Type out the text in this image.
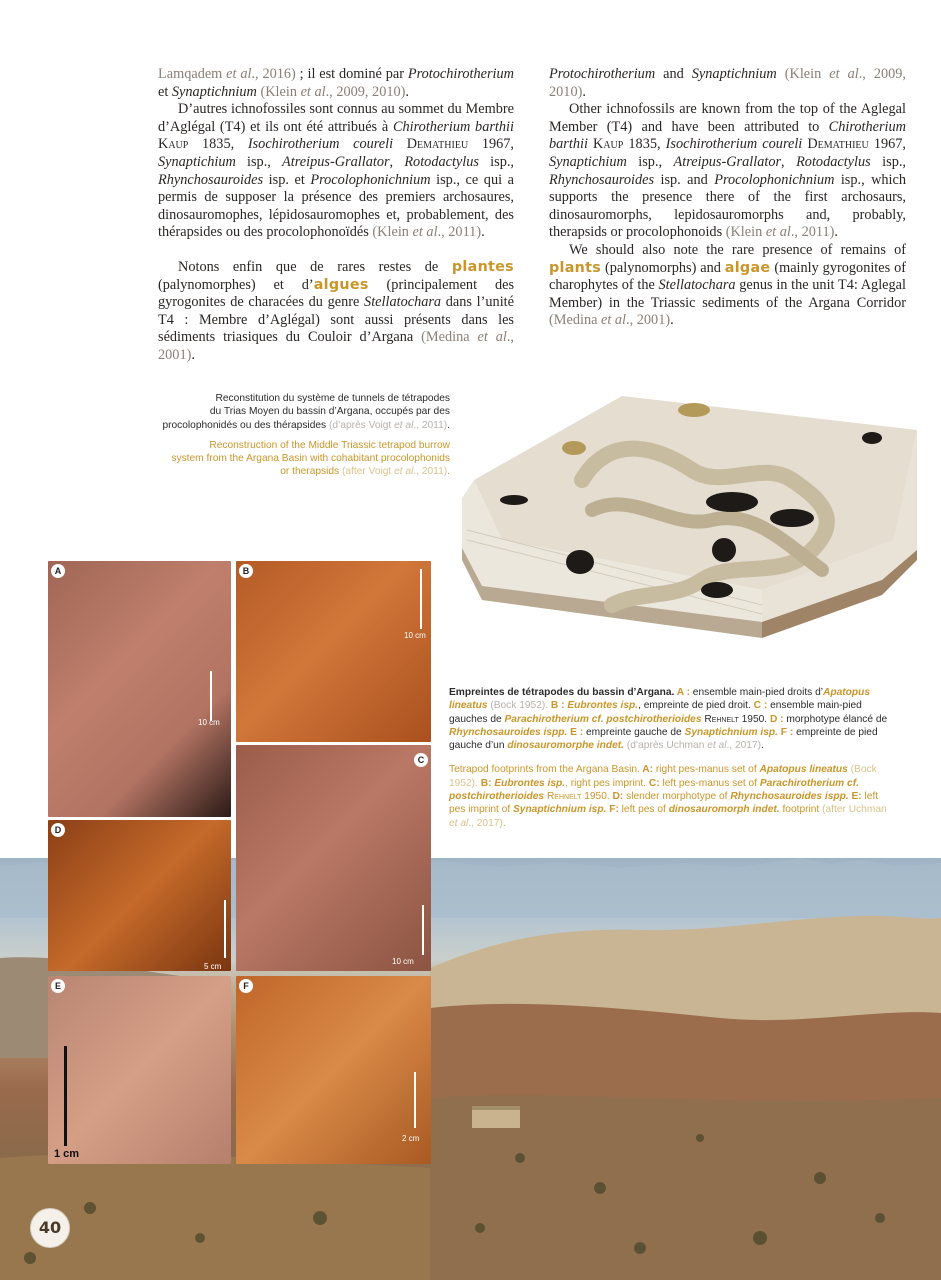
Lamqadem et al., 2016) ; il est dominé par Protochirotherium et Synaptichnium (Klein et al., 2009, 2010).

D’autres ichnofossiles sont connus au sommet du Membre d’Aglégal (T4) et ils ont été attribués à Chirotherium barthii Kaup 1835, Isochirotherium coureli Demathieu 1967, Synaptichium isp., Atreipus-Grallator, Rotodactylus isp., Rhynchosauroides isp. et Procolophonichnium isp., ce qui a permis de supposer la présence des premiers archosaures, dinosauromophes, lépidosauromophes et, probablement, des thérapsides ou des procolophonoïdés (Klein et al., 2011).

Notons enfin que de rares restes de plantes (palynomorphes) et d’algues (principalement des gyrogonites de characées du genre Stellatochara dans l’unité T4 : Membre d’Aglégal) sont aussi présents dans les sédiments triasiques du Couloir d’Argana (Medina et al., 2001).

Protochirotherium and Synaptichnium (Klein et al., 2009, 2010).

Other ichnofossils are known from the top of the Aglegal Member (T4) and have been attributed to Chirotherium barthii Kaup 1835, Isochirotherium coureli Demathieu 1967, Synaptichium isp., Atreipus-Grallator, Rotodactylus isp., Rhynchosauroides isp. and Procolophonichnium isp., which supports the presence there of the first archosaurs, dinosauromorphs, lepidosauromorphs and, probably, therapsids or procolophonoids (Klein et al., 2011).

We should also note the rare presence of remains of plants (palynomorphs) and algae (mainly gyrogonites of charophytes of the Stellatochara genus in the unit T4: Aglegal Member) in the Triassic sediments of the Argana Corridor (Medina et al., 2001).

Reconstitution du système de tunnels de tétrapodes
du Trias Moyen du bassin d’Argana, occupés par des
procolophonidés ou des thérapsides (d’après Voigt et al., 2011).
Reconstruction of the Middle Triassic tetrapod burrow
system from the Argana Basin with cohabitant procolophonids
or therapsids (after Voigt et al., 2011).
Empreintes de tétrapodes du bassin d’Argana. A : ensemble main-pied droits d’Apatopus lineatus (Bock 1952). B : Eubrontes isp., empreinte de pied droit. C : ensemble main-pied gauches de Parachirotherium cf. postchirotherioides Rehnelt 1950. D : morphotype élancé de Rhynchosauroides ispp. E : empreinte gauche de Synaptichnium isp. F : empreinte de pied gauche d’un dinosauromorphe indet. (d’après Uchman et al., 2017).
Tetrapod footprints from the Argana Basin. A: right pes-manus set of Apatopus lineatus (Bock 1952). B: Eubrontes isp., right pes imprint. C: left pes-manus set of Parachirotherium cf. postchirotherioides Rehnelt 1950. D: slender morphotype of Rhynchosauroides ispp. E: left pes imprint of Synaptichnium isp. F: left pes of dinosauromorph indet. footprint (after Uchman et al., 2017).
A
10 cm
B
10 cm
C
10 cm
D
5 cm
E
1 cm
F
2 cm
40
